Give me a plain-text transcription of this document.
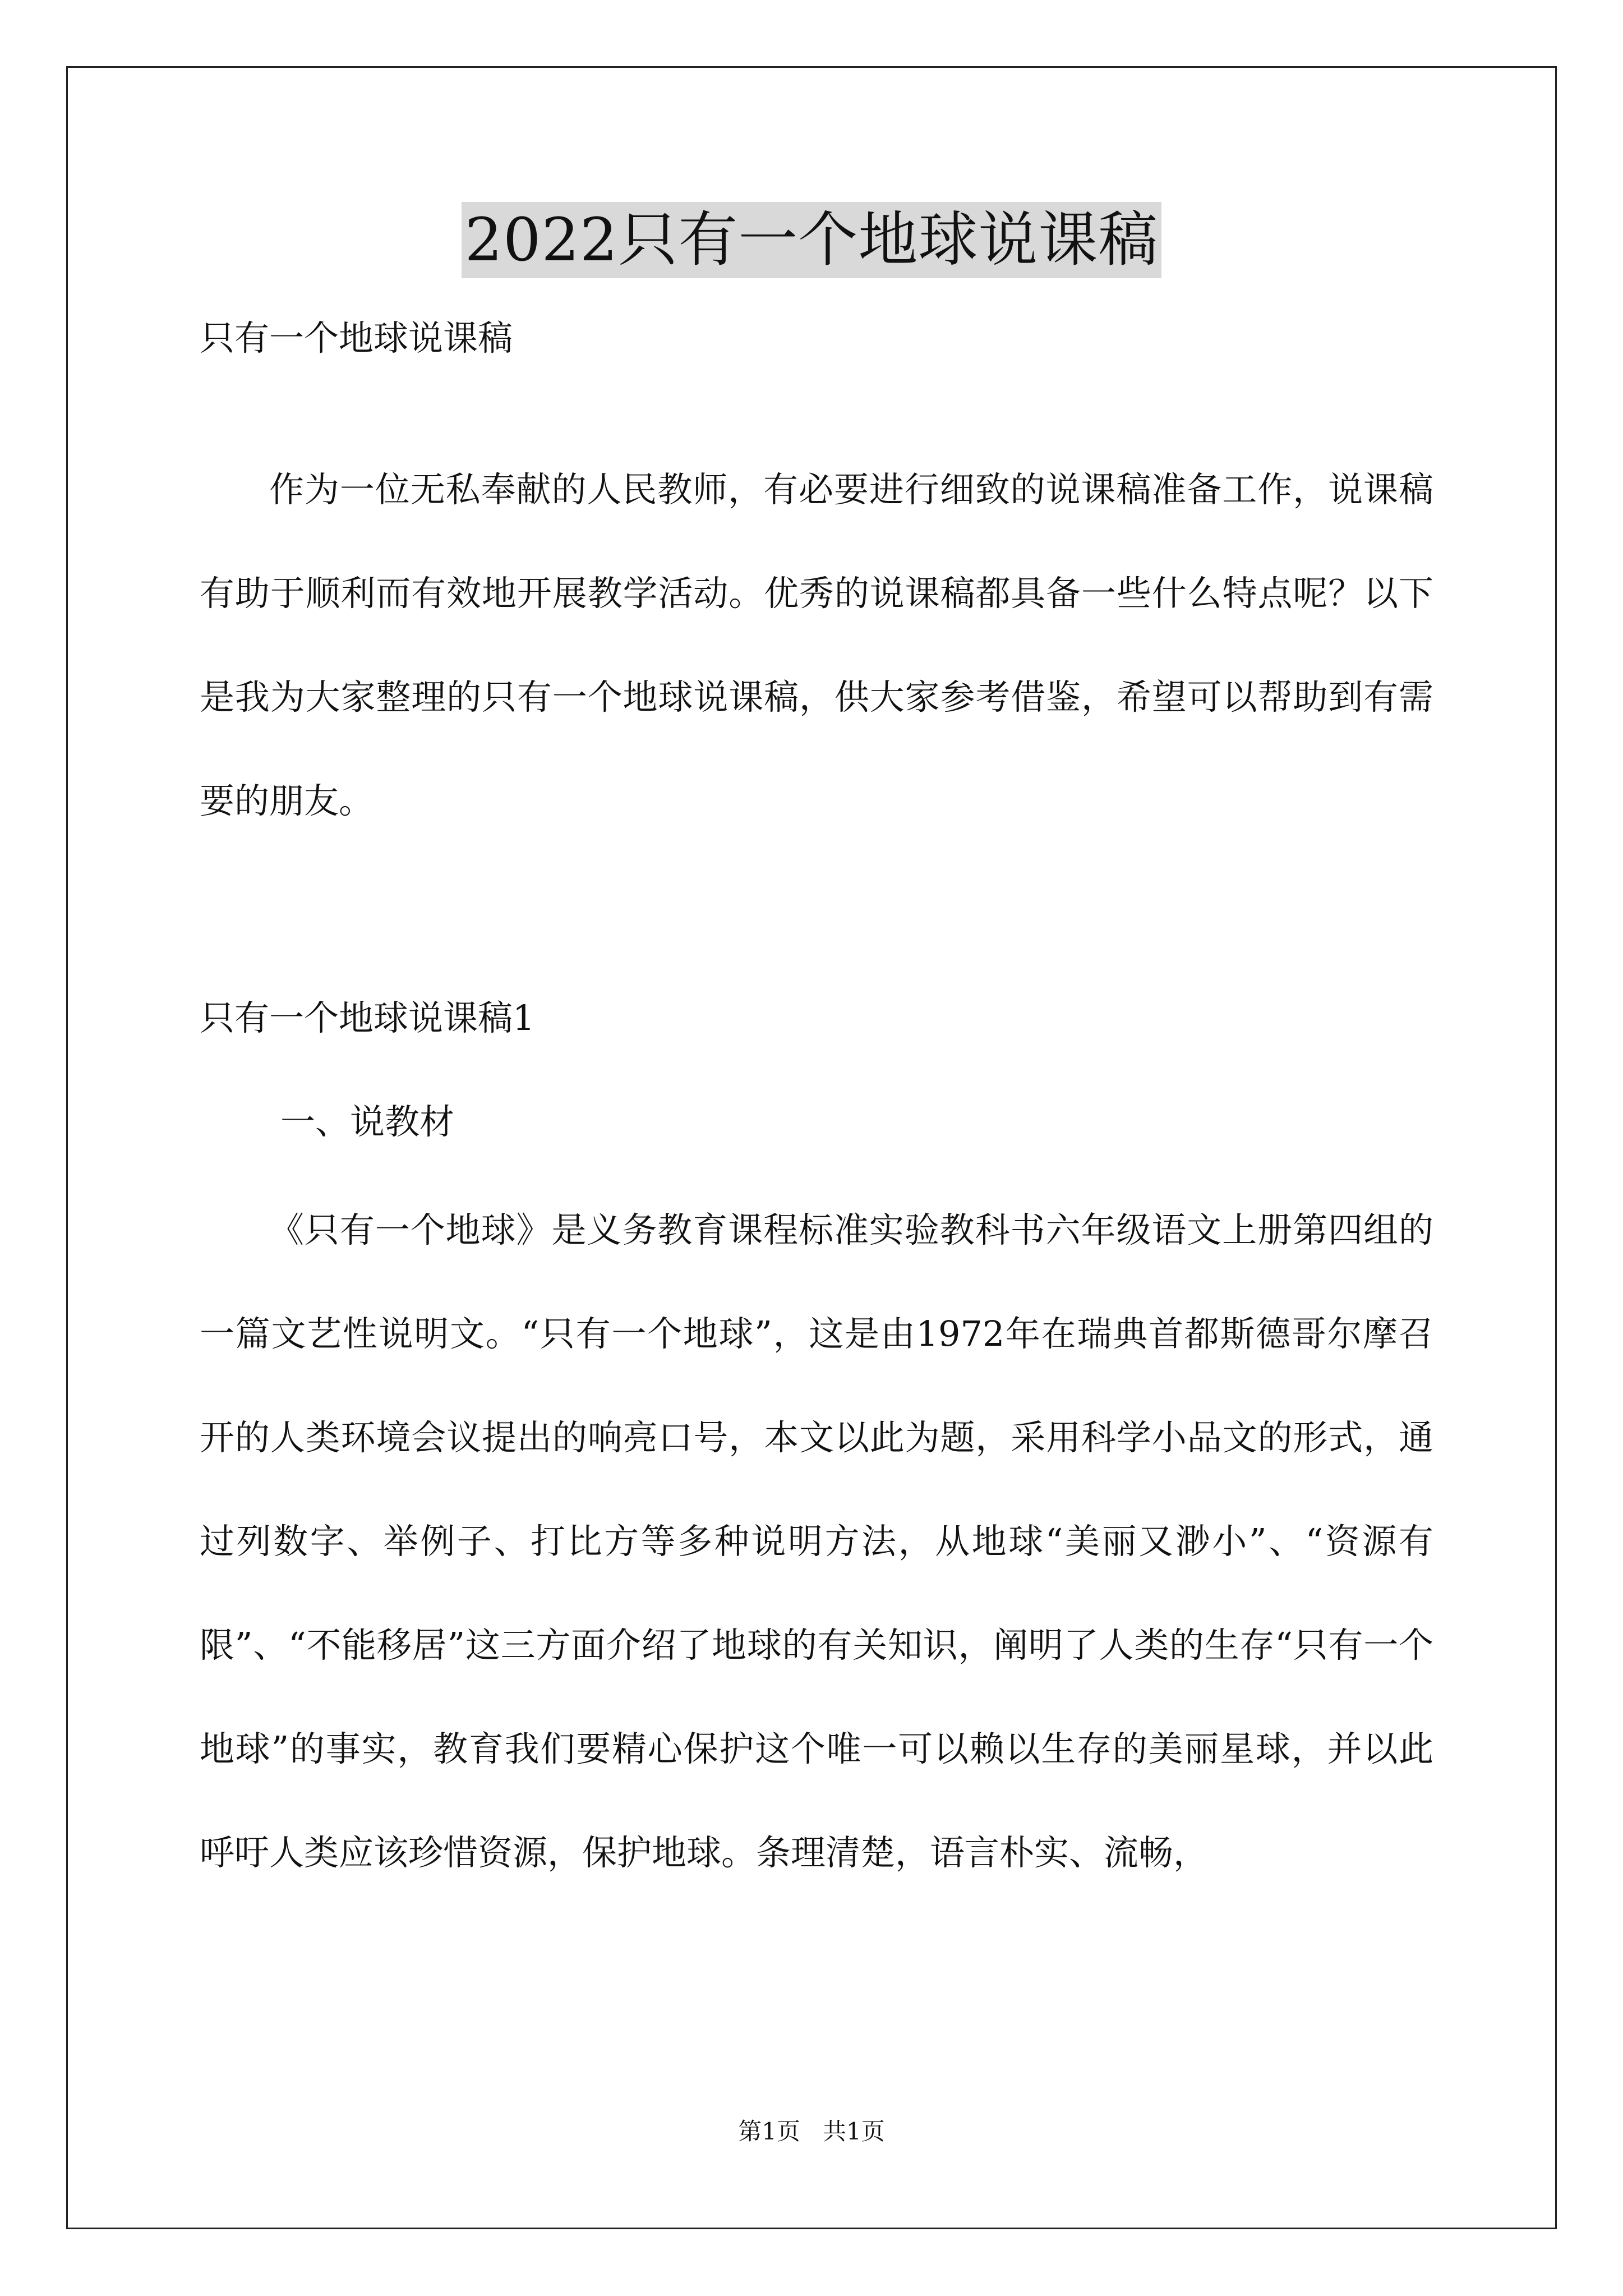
2022只有一个地球说课稿
只有一个地球说课稿

作为一位无私奉献的人民教师，有必要进行细致的说课稿准备工作，说课稿有助于顺利而有效地开展教学活动。优秀的说课稿都具备一些什么特点呢？以下是我为大家整理的只有一个地球说课稿，供大家参考借鉴，希望可以帮助到有需要的朋友。

只有一个地球说课稿1
一、说教材

《只有一个地球》是义务教育课程标准实验教科书六年级语文上册第四组的一篇文艺性说明文。“只有一个地球”，这是由1972年在瑞典首都斯德哥尔摩召开的人类环境会议提出的响亮口号，本文以此为题，采用科学小品文的形式，通过列数字、举例子、打比方等多种说明方法，从地球“美丽又渺小”、“资源有限”、“不能移居”这三方面介绍了地球的有关知识，阐明了人类的生存“只有一个地球”的事实，教育我们要精心保护这个唯一可以赖以生存的美丽星球，并以此呼吁人类应该珍惜资源，保护地球。条理清楚，语言朴实、流畅，

第1页   共1页
